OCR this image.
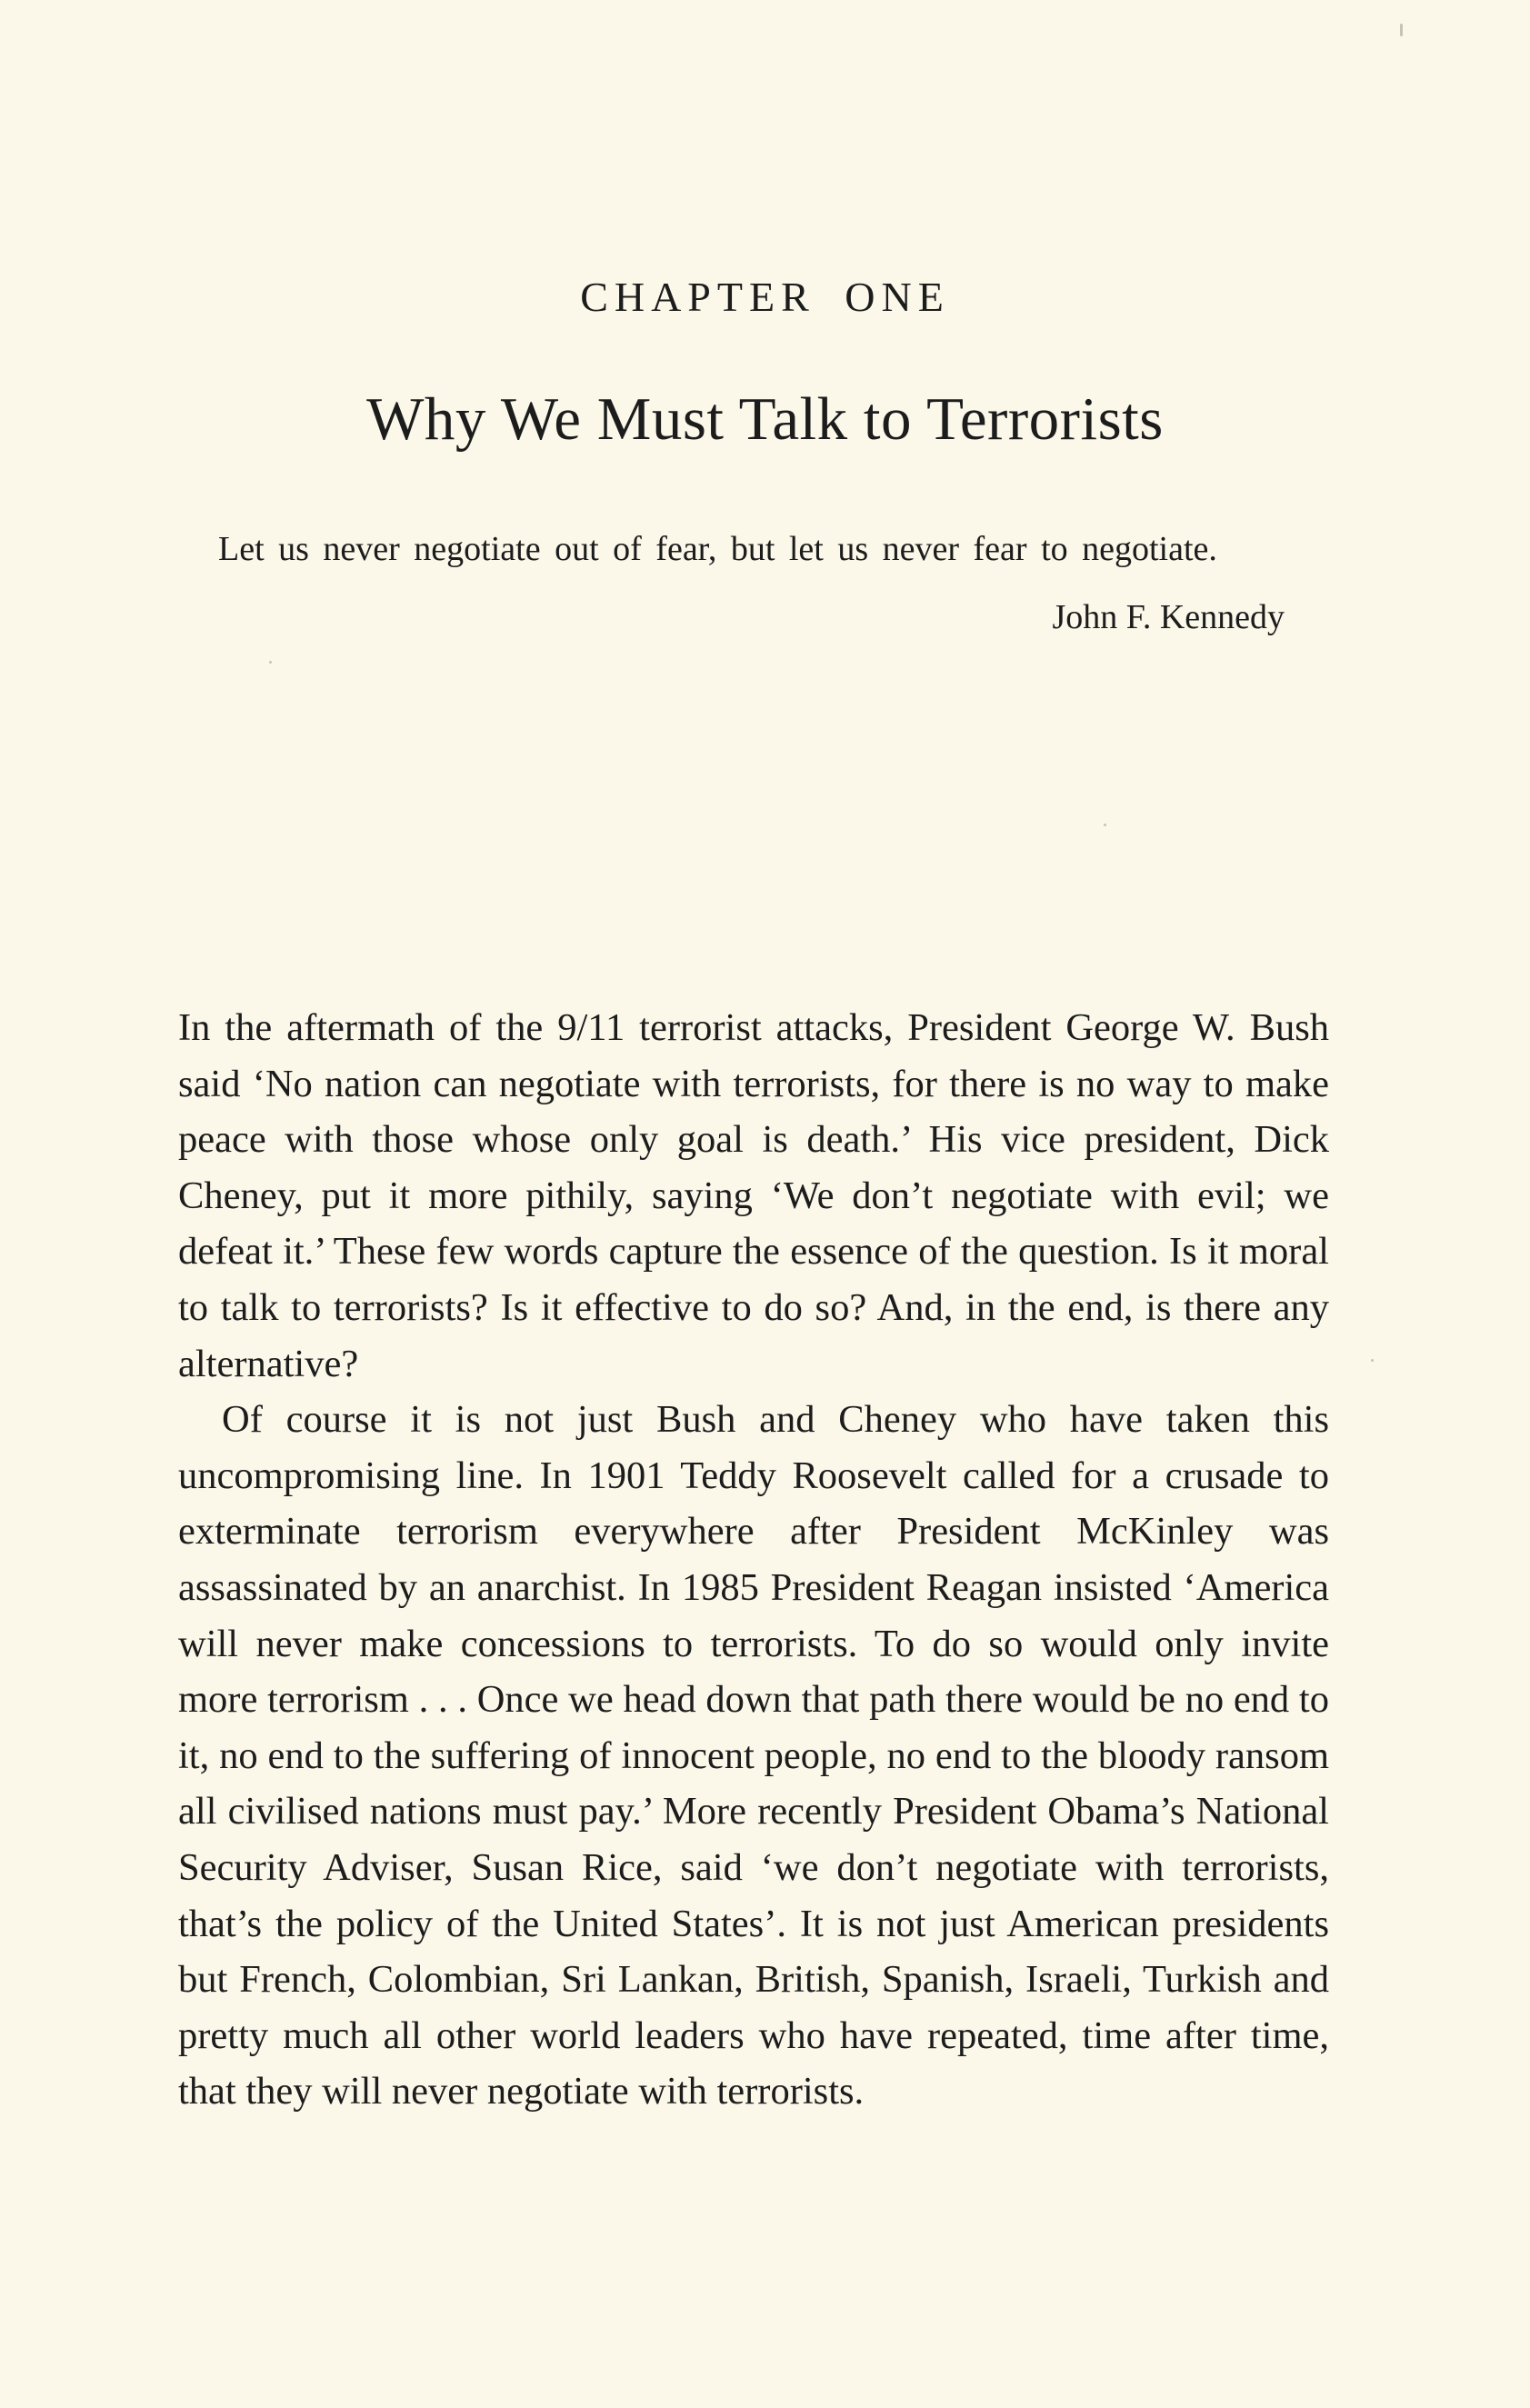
CHAPTER ONE
Why We Must Talk to Terrorists

Let us never negotiate out of fear, but let us never fear to negotiate.

John F. Kennedy

In the aftermath of the 9/11 terrorist attacks, President George W. Bush said ‘No nation can negotiate with terrorists, for there is no way to make peace with those whose only goal is death.’ His vice president, Dick Cheney, put it more pithily, saying ‘We don’t negotiate with evil; we defeat it.’ These few words capture the essence of the question. Is it moral to talk to terrorists? Is it effective to do so? And, in the end, is there any alternative?

Of course it is not just Bush and Cheney who have taken this uncompromising line. In 1901 Teddy Roosevelt called for a crusade to exterminate terrorism everywhere after President McKinley was assassinated by an anarchist. In 1985 President Reagan insisted ‘America will never make concessions to terrorists. To do so would only invite more terrorism . . . Once we head down that path there would be no end to it, no end to the suffering of innocent people, no end to the bloody ransom all civilised nations must pay.’ More recently President Obama’s National Security Adviser, Susan Rice, said ‘we don’t negotiate with terrorists, that’s the policy of the United States’. It is not just American presidents but French, Colombian, Sri Lankan, British, Spanish, Israeli, Turkish and pretty much all other world leaders who have repeated, time after time, that they will never negotiate with terrorists.
